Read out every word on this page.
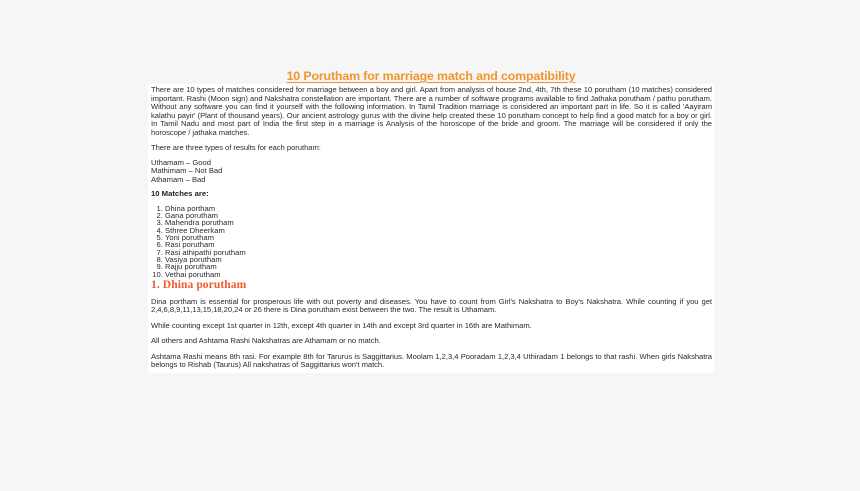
10 Porutham for marriage match and compatibility

There are 10 types of matches considered for marriage between a boy and girl. Apart from analysis of house 2nd, 4th, 7th these 10 porutham (10 matches) considered important. Rashi (Moon sign) and Nakshatra constellation are important. There are a number of software programs available to find Jathaka porutham / pathu porutham. Without any software you can find it yourself with the following information. In Tamil Tradition marriage is considered an important part in life. So it is called 'Aayiram kalathu payir' (Plant of thousand years). Our ancient astrology gurus with the divine help created these 10 porutham concept to help find a good match for a boy or girl. In Tamil Nadu and most part of India the first step in a marriage is Analysis of the horoscope of the bride and groom. The marriage will be considered if only the horoscope / jathaka matches.

There are three types of results for each porutham:

Uthamam – Good
Mathimam – Not Bad
Athamam – Bad
10 Matches are:
1. Dhina portham
2. Gana porutham
3. Mahendra porutham
4. Sthree Dheerkam
5. Yoni porutham
6. Rasi porutham
7. Rasi athipathi porutham
8. Vasiya porutham
9. Rajju porutham
10. Vethai porutham
1. Dhina porutham

Dina portham is essential for prosperous life with out poverty and diseases. You have to count from Girl's Nakshatra to Boy's Nakshatra. While counting if you get 2,4,6,8,9,11,13,15,18,20,24 or 26 there is Dina porutham exist between the two. The result is Uthamam.

While counting except 1st quarter in 12th, except 4th quarter in 14th and except 3rd quarter in 16th are Mathimam.

All others and Ashtama Rashi Nakshatras are Athamam or no match.

Ashtama Rashi means 8th rasi. For example 8th for Tarurus is Saggittarius. Moolam 1,2,3,4 Pooradam 1,2,3,4 Uthiradam 1 belongs to that rashi. When girls Nakshatra belongs to Rishab (Taurus) All nakshatras of Saggittarius won't match.
